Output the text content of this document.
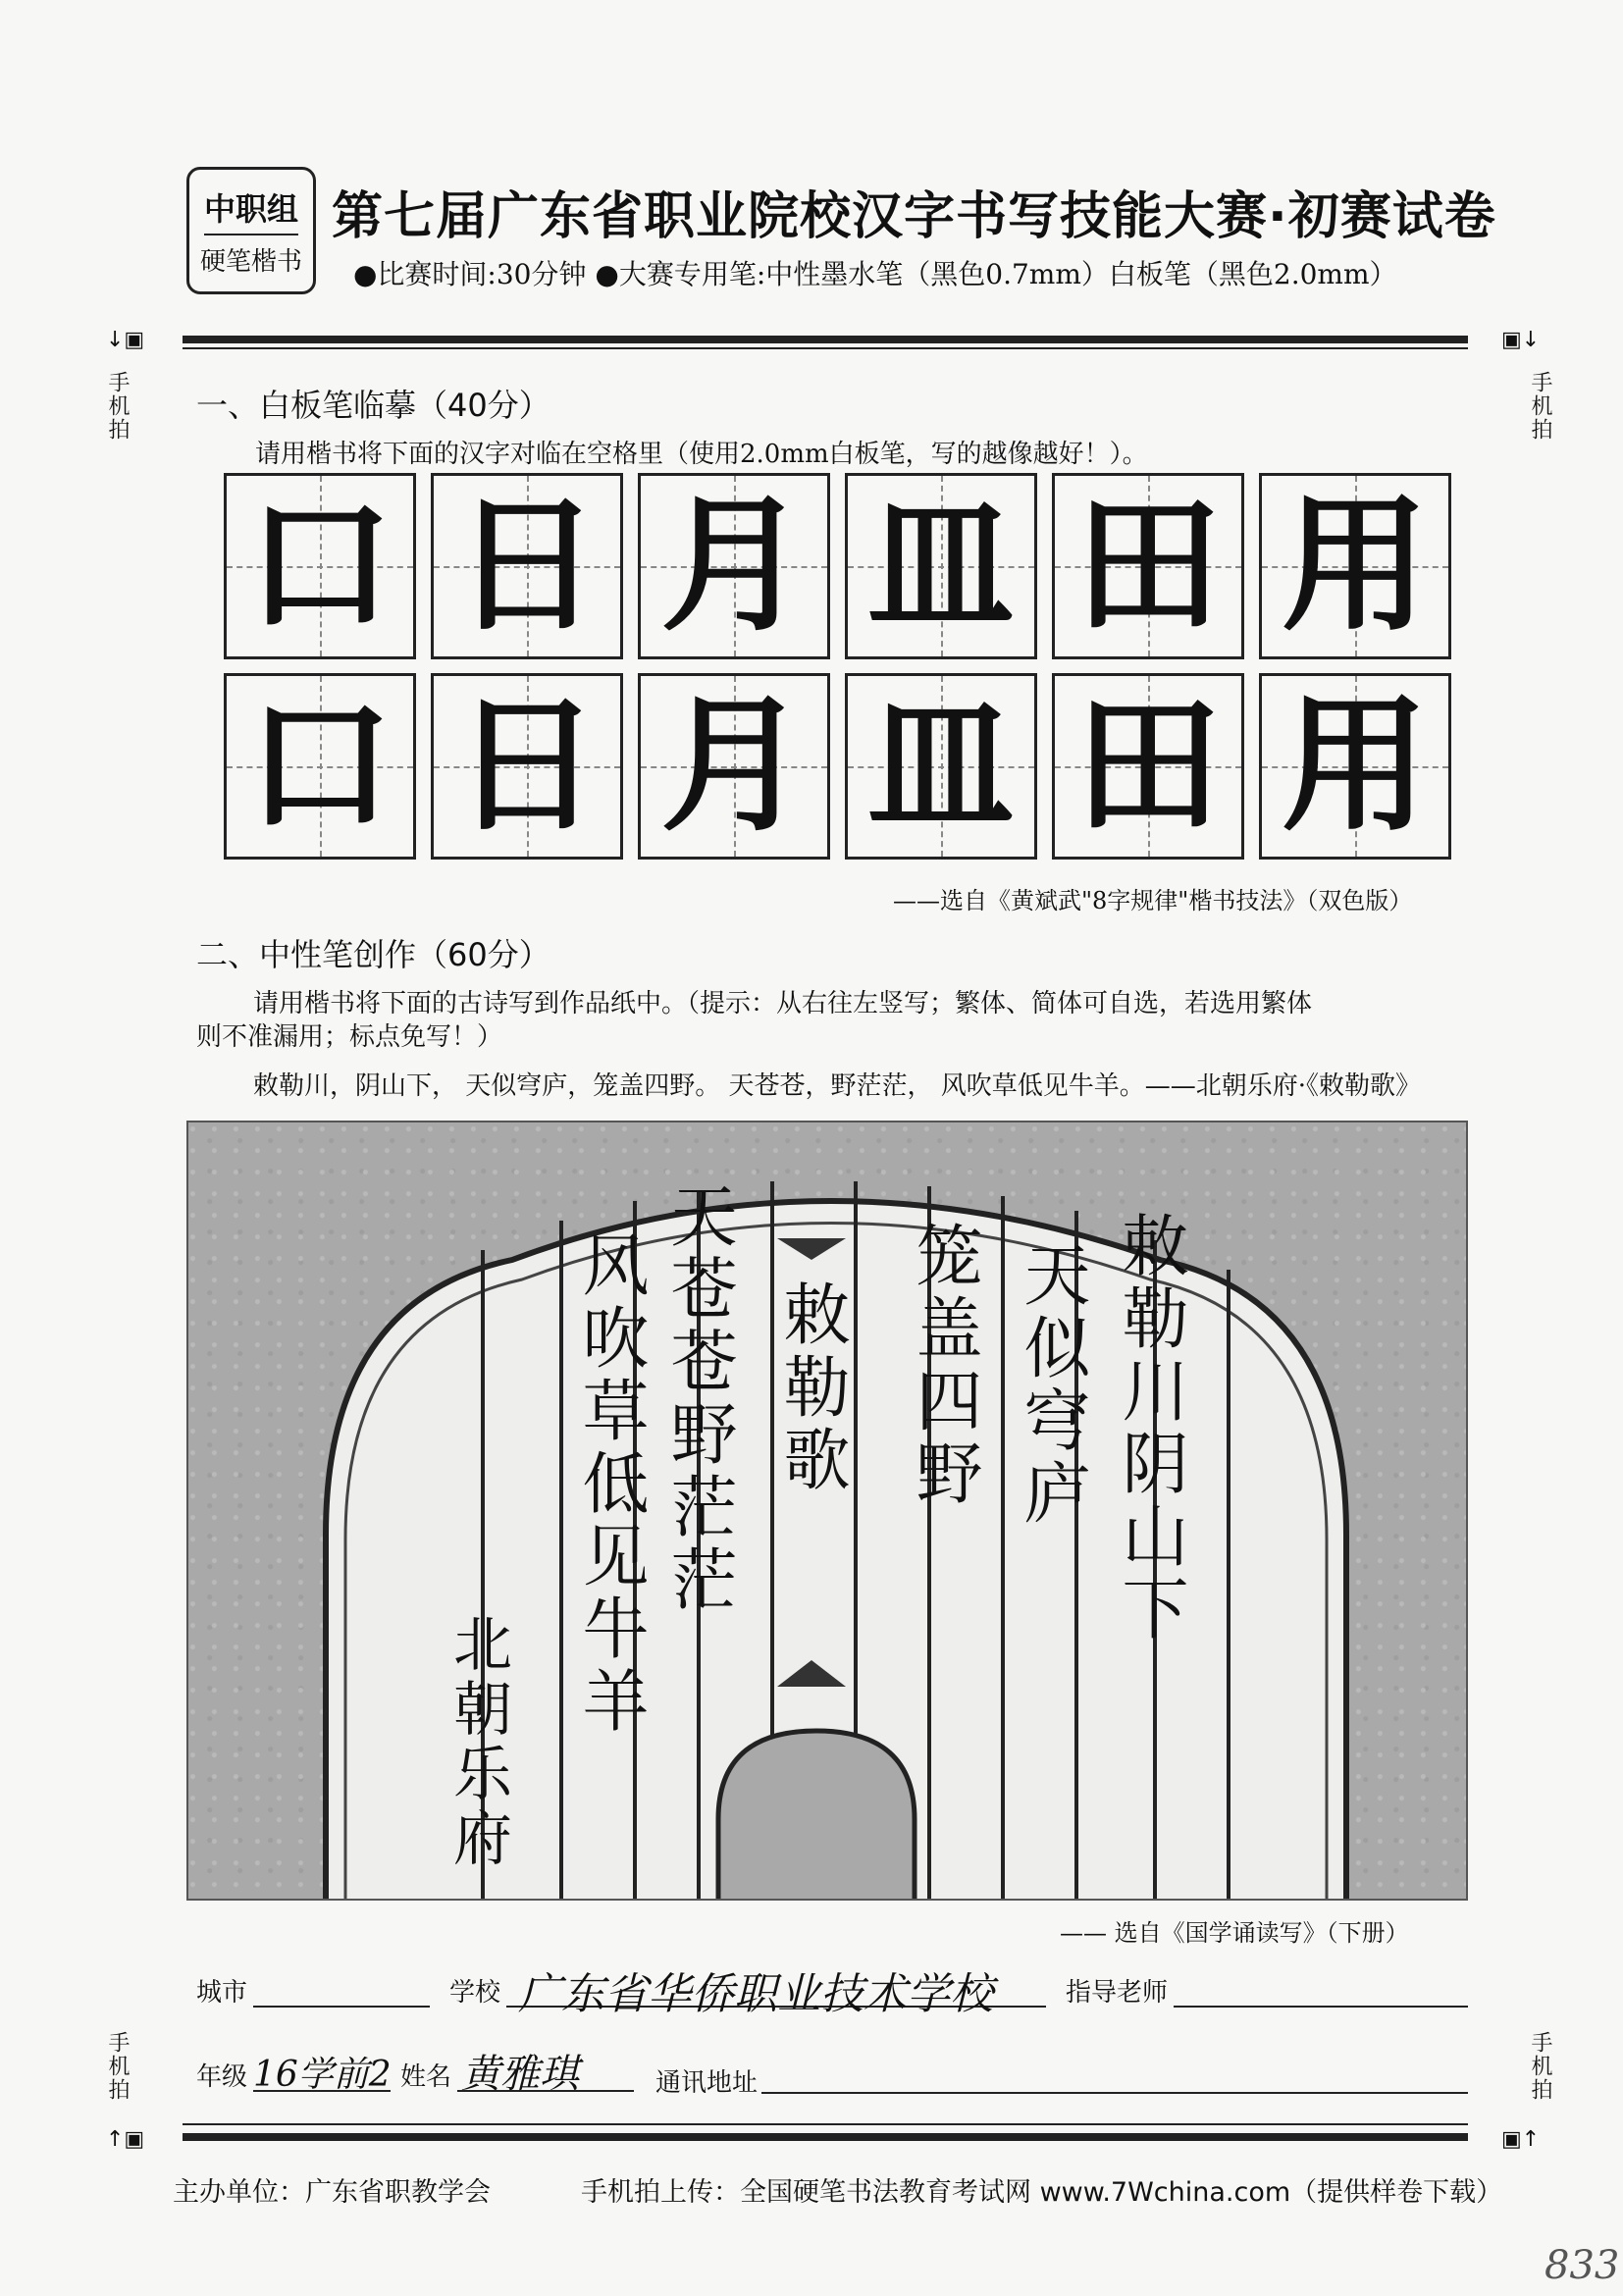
中职组
硬笔楷书
第七届广东省职业院校汉字书写技能大赛·初赛试卷
●比赛时间:30分钟 ●大赛专用笔:中性墨水笔（黑色0.7mm）白板笔（黑色2.0mm）
↓▣	▣↓
手机拍	手机拍
一、白板笔临摹（40分）
请用楷书将下面的汉字对临在空格里（使用2.0mm白板笔，写的越像越好！）。
口 日 月 皿 田 用
口 日 月 皿 田 用
——选自《黄斌武"8字规律"楷书技法》（双色版）
二、中性笔创作（60分）
请用楷书将下面的古诗写到作品纸中。（提示：从右往左竖写；繁体、简体可自选，若选用繁体
则不准漏用；标点免写！）
敕勒川，阴山下， 天似穹庐，笼盖四野。 天苍苍，野茫茫， 风吹草低见牛羊。——北朝乐府·《敕勒歌》
敕勒川阴山下
天似穹庐
笼盖四野
敕勒歌
天苍苍野茫茫
风吹草低见牛羊
北朝乐府
—— 选自《国学诵读写》（下册）
城市	学校 广东省华侨职业技术学校	指导老师
年级 16学前2 姓名 黄雅琪	通讯地址
手机拍	手机拍
↑▣	▣↑
主办单位：广东省职教学会	手机拍上传：全国硬笔书法教育考试网 www.7Wchina.com（提供样卷下载）
833
